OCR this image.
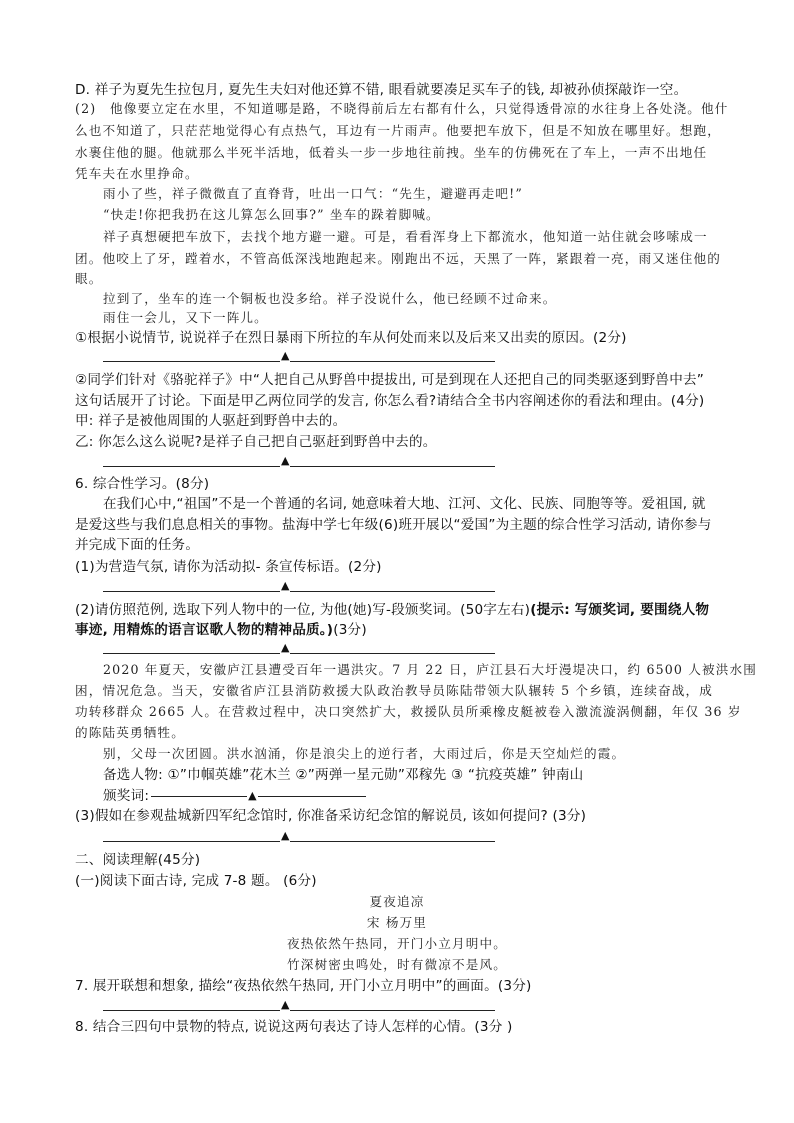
D. 祥子为夏先生拉包月, 夏先生夫妇对他还算不错, 眼看就要凑足买车子的钱, 却被孙侦探敲诈一空。
(2)　他像要立定在水里，不知道哪是路，不晓得前后左右都有什么，只觉得透骨凉的水往身上各处浇。他什
么也不知道了，只茫茫地觉得心有点热气，耳边有一片雨声。他要把车放下，但是不知放在哪里好。想跑，
水裹住他的腿。他就那么半死半活地，低着头一步一步地往前拽。坐车的仿佛死在了车上，一声不出地任
凭车夫在水里挣命。
雨小了些，祥子微微直了直脊背，吐出一口气：“先生，避避再走吧!”
“快走!你把我扔在这儿算怎么回事?” 坐车的跺着脚喊。
祥子真想硬把车放下，去找个地方避一避。可是，看看浑身上下都流水，他知道一站住就会哆嗦成一
团。他咬上了牙，蹚着水，不管高低深浅地跑起来。刚跑出不远，天黑了一阵，紧跟着一亮，雨又迷住他的
眼。
拉到了，坐车的连一个铜板也没多给。祥子没说什么，他已经顾不过命来。
雨住一会儿，又下一阵儿。
①根据小说情节, 说说祥子在烈日暴雨下所拉的车从何处而来以及后来又出卖的原因。(2分)
▲
②同学们针对《骆驼祥子》中“人把自己从野兽中提拔出, 可是到现在人还把自己的同类驱逐到野兽中去”
这句话展开了讨论。下面是甲乙两位同学的发言, 你怎么看?请结合全书内容阐述你的看法和理由。(4分)
甲: 祥子是被他周围的人驱赶到野兽中去的。
乙: 你怎么这么说呢?是祥子自己把自己驱赶到野兽中去的。
▲
6. 综合性学习。(8分)
在我们心中,“祖国”不是一个普通的名词, 她意味着大地、江河、文化、民族、同胞等等。爱祖国, 就
是爱这些与我们息息相关的事物。盐海中学七年级(6)班开展以“爱国”为主题的综合性学习活动, 请你参与
并完成下面的任务。
(1)为营造气氛, 请你为活动拟- 条宣传标语。(2分)
▲
(2)请仿照范例, 选取下列人物中的一位, 为他(她)写-段颁奖词。(50字左右)(提示: 写颁奖词, 要围绕人物
事迹, 用精炼的语言讴歌人物的精神品质。)(3分)
▲
2020 年夏天，安徽庐江县遭受百年一遇洪灾。7 月 22 日，庐江县石大圩漫堤决口，约 6500 人被洪水围
困，情况危急。当天，安徽省庐江县消防救援大队政治教导员陈陆带领大队辗转 5 个乡镇，连续奋战，成
功转移群众 2665 人。在营救过程中，决口突然扩大，救援队员所乘橡皮艇被卷入激流漩涡侧翻，年仅 36 岁
的陈陆英勇牺牲。
别，父母一次团圆。洪水汹涌，你是浪尖上的逆行者，大雨过后，你是天空灿烂的霞。
备选人物: ①”巾帼英雄”花木兰 ②”两弹一星元勋”邓稼先 ③ “抗疫英雄” 钟南山
颁奖词:	▲
(3)假如在参观盐城新四军纪念馆时, 你准备采访纪念馆的解说员, 该如何提问? (3分)
▲
二、阅读理解(45分)
(一)阅读下面古诗, 完成 7-8 题。 (6分)
夏夜追凉
宋 杨万里
夜热依然午热同，开门小立月明中。
竹深树密虫鸣处，时有微凉不是风。
7. 展开联想和想象, 描绘“夜热依然午热同, 开门小立月明中”的画面。(3分)
▲
8. 结合三四句中景物的特点, 说说这两句表达了诗人怎样的心情。(3分 )
